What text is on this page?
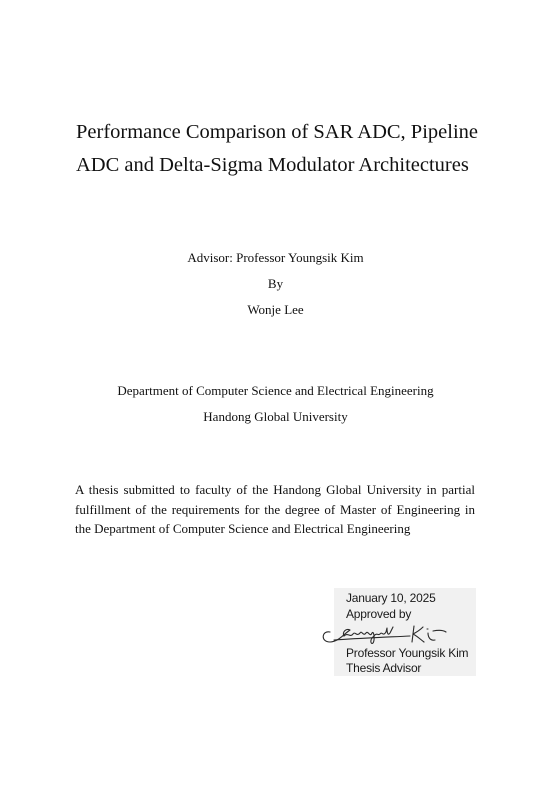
Performance Comparison of SAR ADC, Pipeline
ADC and Delta-Sigma Modulator Architectures
Advisor: Professor Youngsik Kim
By
Wonje Lee
Department of Computer Science and Electrical Engineering
Handong Global University

A thesis submitted to faculty of the Handong Global University in partial fulfillment of the requirements for the degree of Master of Engineering in the Department of Computer Science and Electrical Engineering

January 10, 2025
Approved by
Professor Youngsik Kim
Thesis Advisor
